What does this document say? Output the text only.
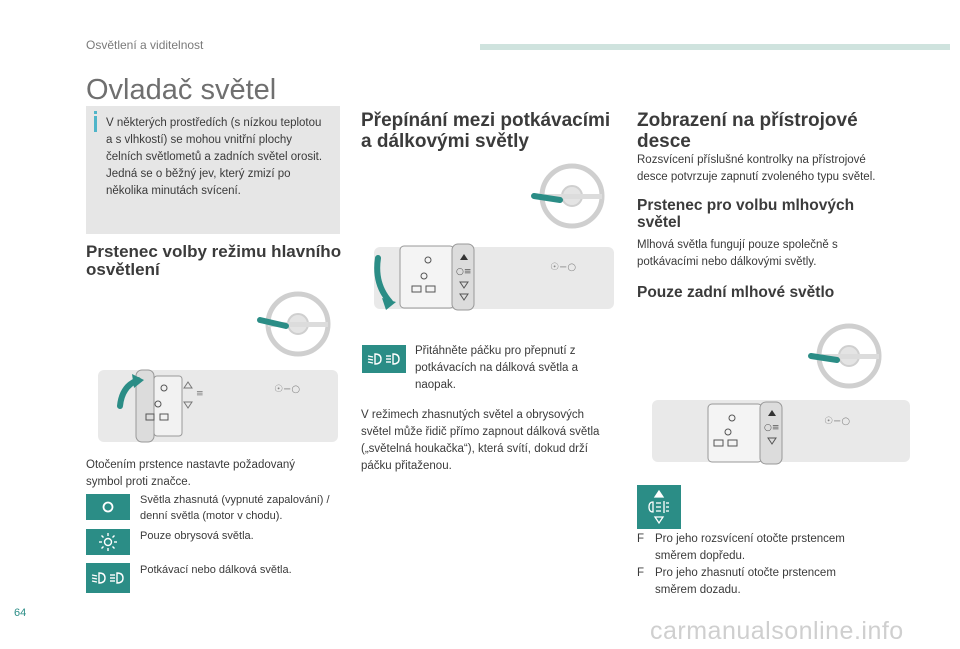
Osvětlení a viditelnost
Ovladač světel
V některých prostředích (s nízkou teplotou
a s vlhkostí) se mohou vnitřní plochy
čelních světlometů a zadních světel orosit.
Jedná se o běžný jev, který zmizí po
několika minutách svícení.
Prstenec volby režimu hlavního
osvětlení
≡	☉−○
Otočením prstence nastavte požadovaný
symbol proti značce.
Světla zhasnutá (vypnuté zapalování) /
denní světla (motor v chodu).
Pouze obrysová světla.
Potkávací nebo dálková světla.
Přepínání mezi potkávacími
a dálkovými světly
○≡	☉−○
Přitáhněte páčku pro přepnutí z
potkávacích na dálková světla a
naopak.
V režimech zhasnutých světel a obrysových
světel může řidič přímo zapnout dálková světla
(„světelná houkačka“), která svítí, dokud drží
páčku přitaženou.
Zobrazení na přístrojové
desce
Rozsvícení příslušné kontrolky na přístrojové
desce potvrzuje zapnutí zvoleného typu světel.
Prstenec pro volbu mlhových
světel
Mlhová světla fungují pouze společně s
potkávacími nebo dálkovými světly.
Pouze zadní mlhové světlo
○≡
☉−○
F Pro jeho rozsvícení otočte prstencem
směrem dopředu.
F Pro jeho zhasnutí otočte prstencem
směrem dozadu.
64
carmanualsonline.info
